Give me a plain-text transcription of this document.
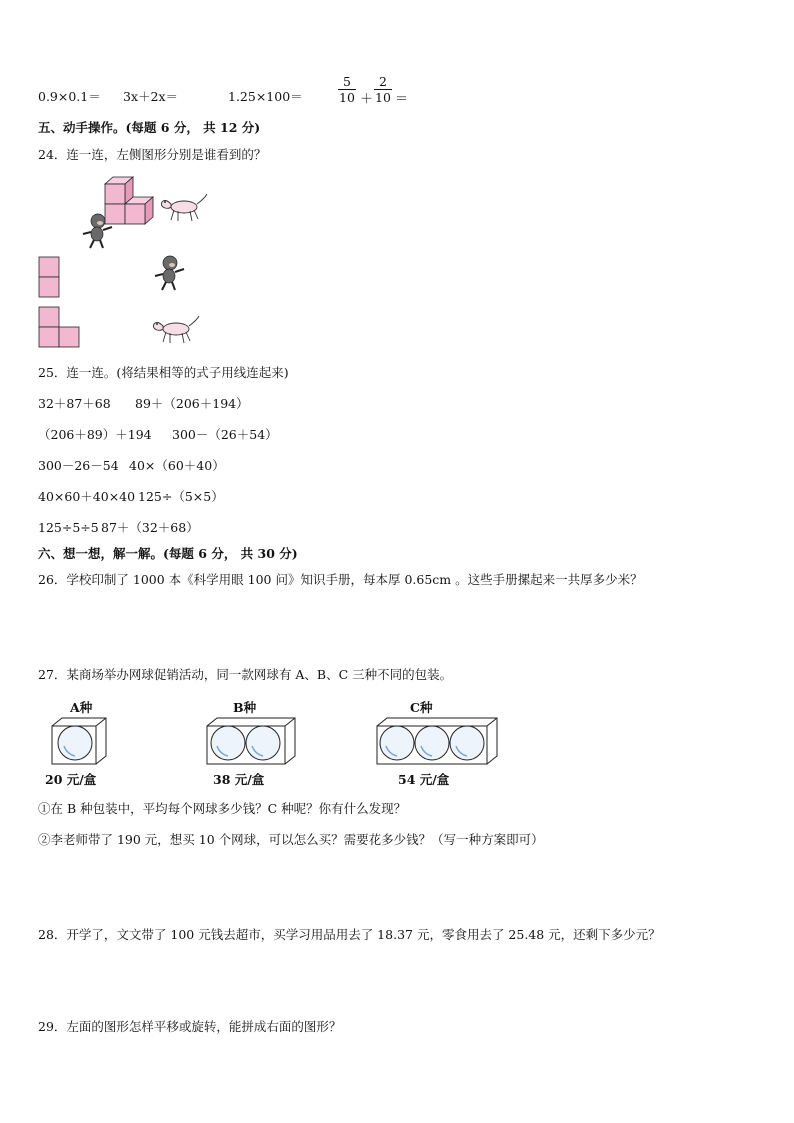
0.9×0.1＝ 3x＋2x＝	1.25×100＝
5
10 ＋
2
10 ＝
五、动手操作。(每题 6 分， 共 12 分)
24．连一连，左侧图形分别是谁看到的？
25．连一连。(将结果相等的式子用线连起来)
32＋87＋68 89＋（206＋194）
（206＋89）＋194 300－（26＋54）
300－26－54 40×（60＋40）
40×60＋40×40 125÷（5×5）
125÷5÷5 87＋（32＋68）
六、想一想，解一解。(每题 6 分， 共 30 分)
26．学校印制了 1000 本《科学用眼 100 问》知识手册，每本厚 0.65cm 。这些手册摞起来一共厚多少米？
27．某商场举办网球促销活动，同一款网球有 A、B、C 三种不同的包装。
A种
20 元/盒
B种
38 元/盒
C种
54 元/盒
①在 B 种包装中，平均每个网球多少钱？C 种呢？你有什么发现？
②李老师带了 190 元，想买 10 个网球，可以怎么买？需要花多少钱？（写一种方案即可）
28．开学了，文文带了 100 元钱去超市，买学习用品用去了 18.37 元，零食用去了 25.48 元，还剩下多少元？
29．左面的图形怎样平移或旋转，能拼成右面的图形？
